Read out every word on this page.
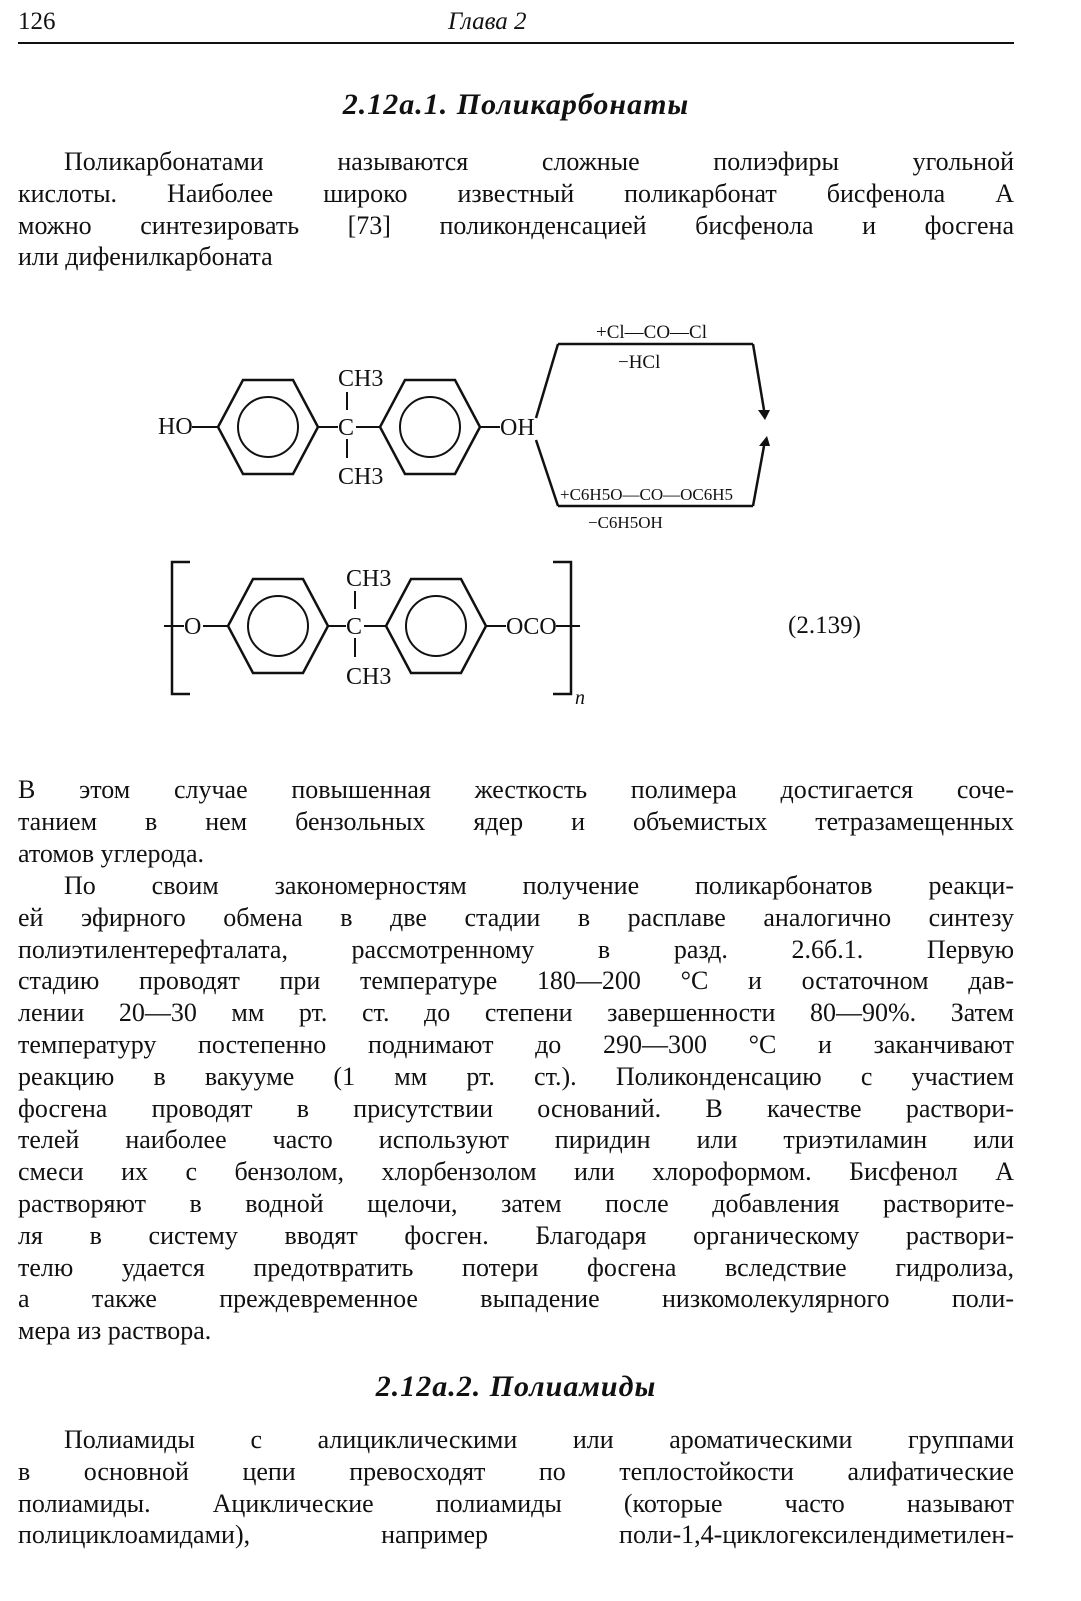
126	Глава 2
2.12а.1. Поликарбонаты

Поликарбонатами называются сложные полиэфиры угольной
кислоты. Наиболее широко известный поликарбонат бисфенола А
можно синтезировать [73] поликонденсацией бисфенола и фосгена
или дифенилкарбоната

HO	C
CH3
CH3
OH
+Cl—CO—Cl
−HCl
+C6H5O—CO—OC6H5
−C6H5OH
O	C
CH3
CH3
OCO
n
(2.139)

В этом случае повышенная жесткость полимера достигается соче-
танием в нем бензольных ядер и объемистых тетразамещенных
атомов углерода.

По своим закономерностям получение поликарбонатов реакци-
ей эфирного обмена в две стадии в расплаве аналогично синтезу
полиэтилентерефталата, рассмотренному в разд. 2.6б.1. Первую
стадию проводят при температуре 180—200 °С и остаточном дав-
лении 20—30 мм рт. ст. до степени завершенности 80—90%. Затем
температуру постепенно поднимают до 290—300 °С и заканчивают
реакцию в вакууме (1 мм рт. ст.). Поликонденсацию с участием
фосгена проводят в присутствии оснований. В качестве раствори-
телей наиболее часто используют пиридин или триэтиламин или
смеси их с бензолом, хлорбензолом или хлороформом. Бисфенол А
растворяют в водной щелочи, затем после добавления растворите-
ля в систему вводят фосген. Благодаря органическому раствори-
телю удается предотвратить потери фосгена вследствие гидролиза,
а также преждевременное выпадение низкомолекулярного поли-
мера из раствора.

2.12а.2. Полиамиды

Полиамиды с алициклическими или ароматическими группами
в основной цепи превосходят по теплостойкости алифатические
полиамиды. Ациклические полиамиды (которые часто называют
полициклоамидами), например поли-1,4-циклогексилендиметилен-
